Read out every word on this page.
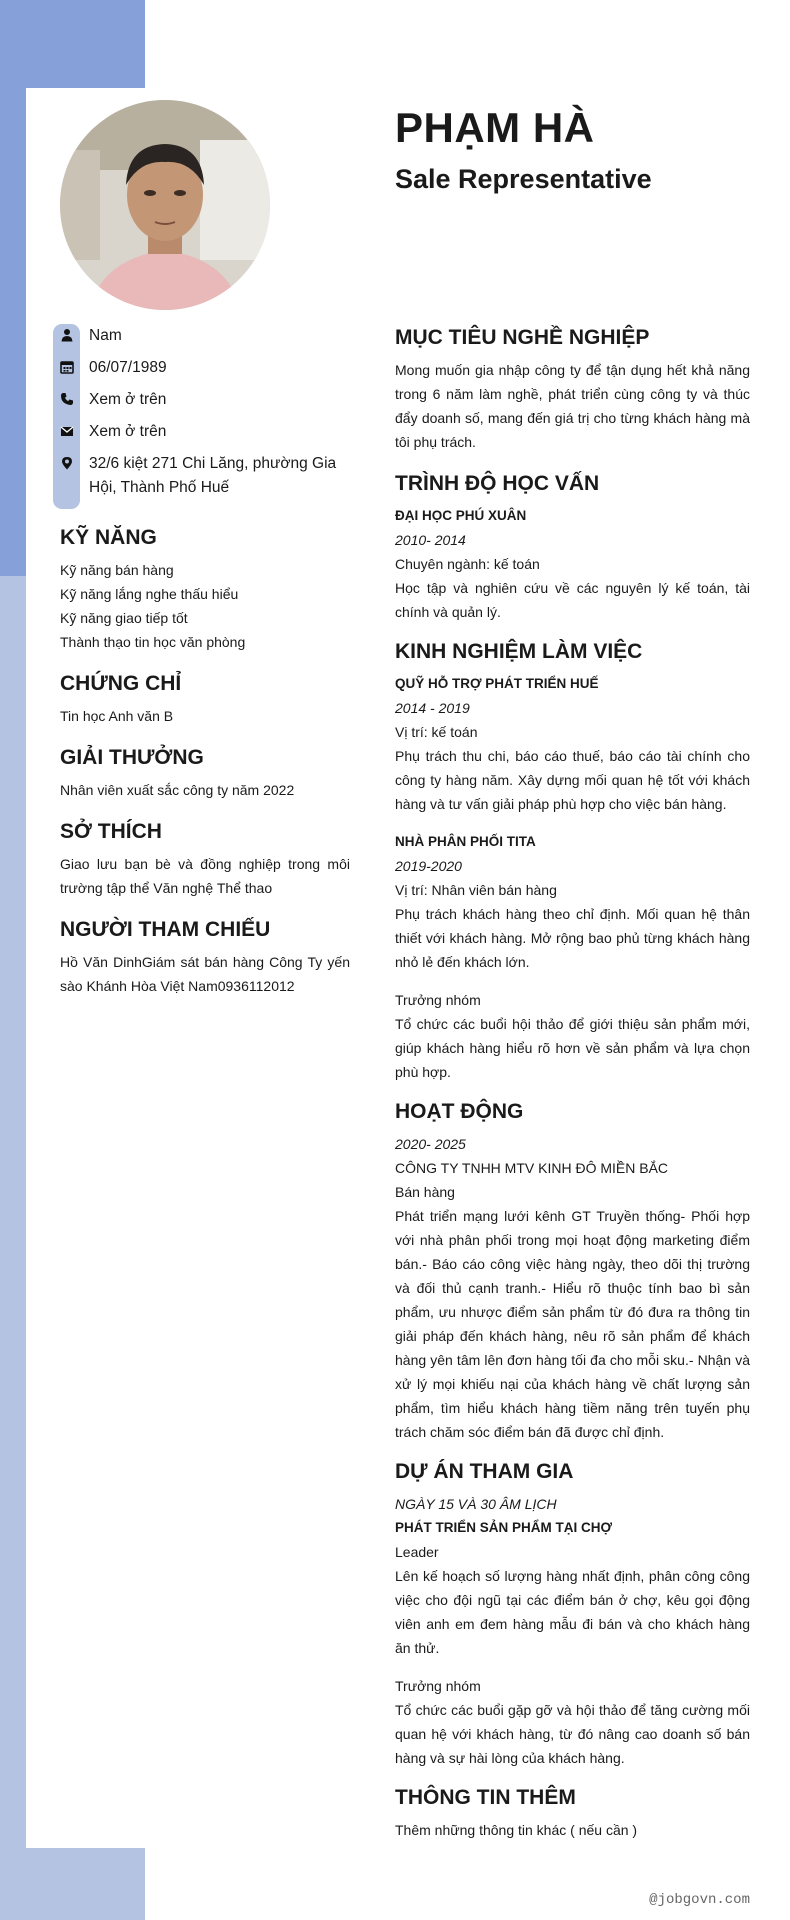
PHẠM HÀ
Sale Representative
Nam
06/07/1989
Xem ở trên
Xem ở trên
32/6 kiệt 271 Chi Lăng, phường Gia Hội, Thành Phố Huế
KỸ NĂNG
Kỹ năng bán hàng
Kỹ năng lắng nghe thấu hiểu
Kỹ năng giao tiếp tốt
Thành thạo tin học văn phòng
CHỨNG CHỈ
Tin học Anh văn B
GIẢI THƯỞNG
Nhân viên xuất sắc công ty năm 2022
SỞ THÍCH
Giao lưu bạn bè và đồng nghiệp trong môi trường tập thể Văn nghệ Thể thao
NGƯỜI THAM CHIẾU
Hồ Văn DinhGiám sát bán hàng Công Ty yến sào Khánh Hòa Việt Nam0936112012
MỤC TIÊU NGHỀ NGHIỆP
Mong muốn gia nhập công ty để tận dụng hết khả năng trong 6 năm làm nghề, phát triển cùng công ty và thúc đẩy doanh số, mang đến giá trị cho từng khách hàng mà tôi phụ trách.
TRÌNH ĐỘ HỌC VẤN
ĐẠI HỌC PHÚ XUÂN
2010- 2014
Chuyên ngành: kế toán
Học tập và nghiên cứu về các nguyên lý kế toán, tài chính và quản lý.
KINH NGHIỆM LÀM VIỆC
QUỸ HỖ TRỢ PHÁT TRIỂN HUẾ
2014 - 2019
Vị trí: kế toán
Phụ trách thu chi, báo cáo thuế, báo cáo tài chính cho công ty hàng năm. Xây dựng mối quan hệ tốt với khách hàng và tư vấn giải pháp phù hợp cho việc bán hàng.
NHÀ PHÂN PHỐI TITA
2019-2020
Vị trí: Nhân viên bán hàng
Phụ trách khách hàng theo chỉ định. Mối quan hệ thân thiết với khách hàng. Mở rộng bao phủ từng khách hàng nhỏ lẻ đến khách lớn.
Trưởng nhóm
Tổ chức các buổi hội thảo để giới thiệu sản phẩm mới, giúp khách hàng hiểu rõ hơn về sản phẩm và lựa chọn phù hợp.
HOẠT ĐỘNG
2020- 2025
CÔNG TY TNHH MTV KINH ĐÔ MIỀN BẮC
Bán hàng
Phát triển mạng lưới kênh GT Truyền thống- Phối hợp với nhà phân phối trong mọi hoạt động marketing điểm bán.- Báo cáo công việc hàng ngày, theo dõi thị trường và đối thủ cạnh tranh.- Hiểu rõ thuộc tính bao bì sản phẩm, ưu nhược điểm sản phẩm từ đó đưa ra thông tin giải pháp đến khách hàng, nêu rõ sản phẩm để khách hàng yên tâm lên đơn hàng tối đa cho mỗi sku.- Nhận và xử lý mọi khiếu nại của khách hàng về chất lượng sản phẩm, tìm hiểu khách hàng tiềm năng trên tuyến phụ trách chăm sóc điểm bán đã được chỉ định.
DỰ ÁN THAM GIA
NGÀY 15 VÀ 30 ÂM LỊCH
PHÁT TRIỂN SẢN PHẨM TẠI CHỢ
Leader
Lên kế hoạch số lượng hàng nhất định, phân công công việc cho đội ngũ tại các điểm bán ở chợ, kêu gọi động viên anh em đem hàng mẫu đi bán và cho khách hàng ăn thử.
Trưởng nhóm
Tổ chức các buổi gặp gỡ và hội thảo để tăng cường mối quan hệ với khách hàng, từ đó nâng cao doanh số bán hàng và sự hài lòng của khách hàng.
THÔNG TIN THÊM
Thêm những thông tin khác ( nếu cần )
@jobgovn.com
